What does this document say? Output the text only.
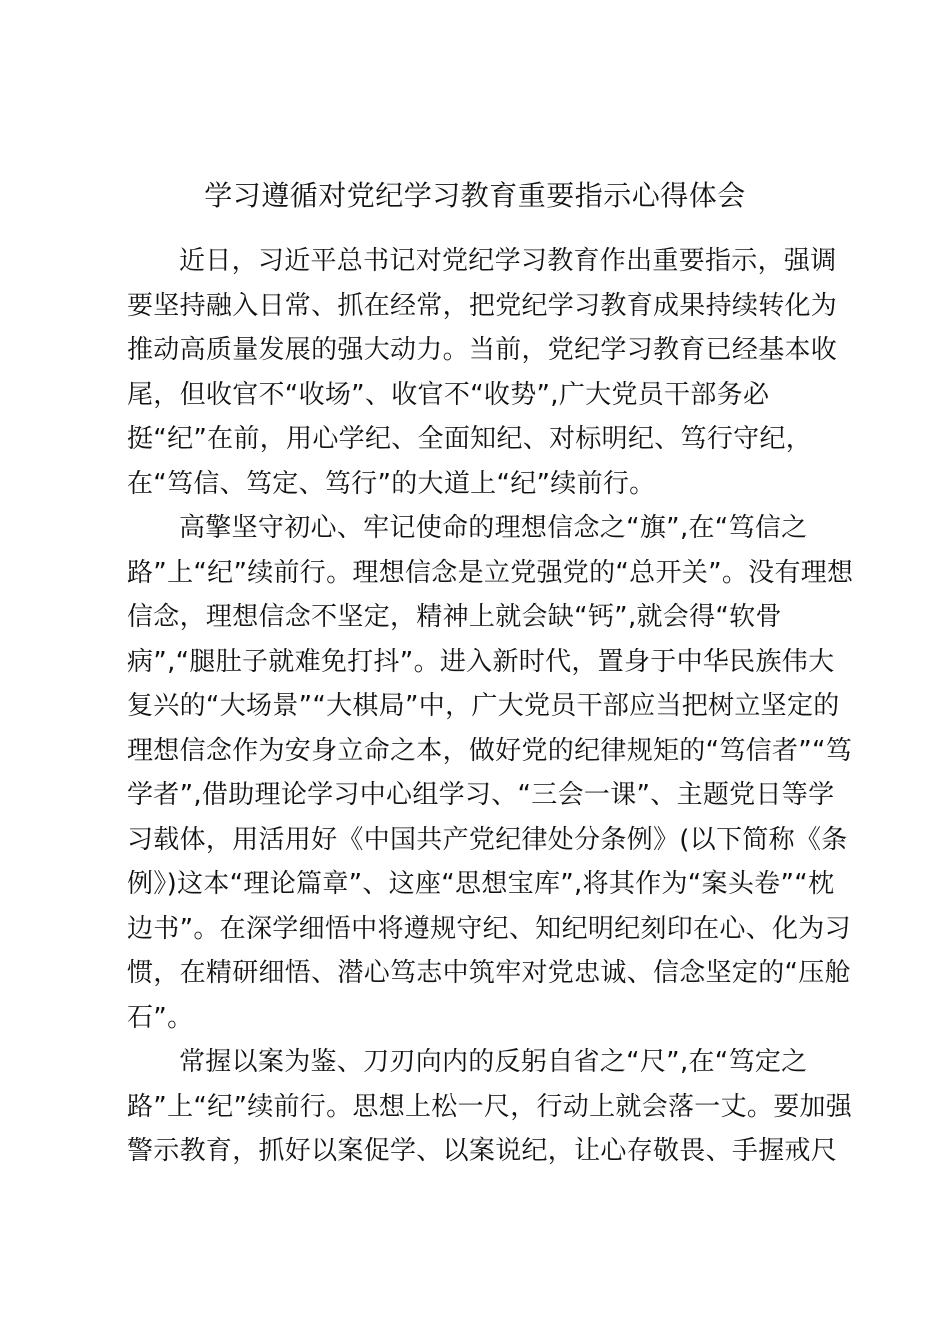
学习遵循对党纪学习教育重要指示心得体会

近日，习近平总书记对党纪学习教育作出重要指示，强调
要坚持融入日常、抓在经常，把党纪学习教育成果持续转化为
推动高质量发展的强大动力。当前，党纪学习教育已经基本收
尾，但收官不“收场”、收官不“收势”,广大党员干部务必
挺“纪”在前，用心学纪、全面知纪、对标明纪、笃行守纪，
在“笃信、笃定、笃行”的大道上“纪”续前行。

高擎坚守初心、牢记使命的理想信念之“旗”,在“笃信之
路”上“纪”续前行。理想信念是立党强党的“总开关”。没有理想
信念，理想信念不坚定，精神上就会缺“钙”,就会得“软骨
病”,“腿肚子就难免打抖”。进入新时代，置身于中华民族伟大
复兴的“大场景”“大棋局”中，广大党员干部应当把树立坚定的
理想信念作为安身立命之本，做好党的纪律规矩的“笃信者”“笃
学者”,借助理论学习中心组学习、“三会一课”、主题党日等学
习载体，用活用好《中国共产党纪律处分条例》(以下简称《条
例》)这本“理论篇章”、这座“思想宝库”,将其作为“案头卷”“枕
边书”。在深学细悟中将遵规守纪、知纪明纪刻印在心、化为习
惯，在精研细悟、潜心笃志中筑牢对党忠诚、信念坚定的“压舱
石”。

常握以案为鉴、刀刃向内的反躬自省之“尺”,在“笃定之
路”上“纪”续前行。思想上松一尺，行动上就会落一丈。要加强
警示教育，抓好以案促学、以案说纪，让心存敬畏、手握戒尺
